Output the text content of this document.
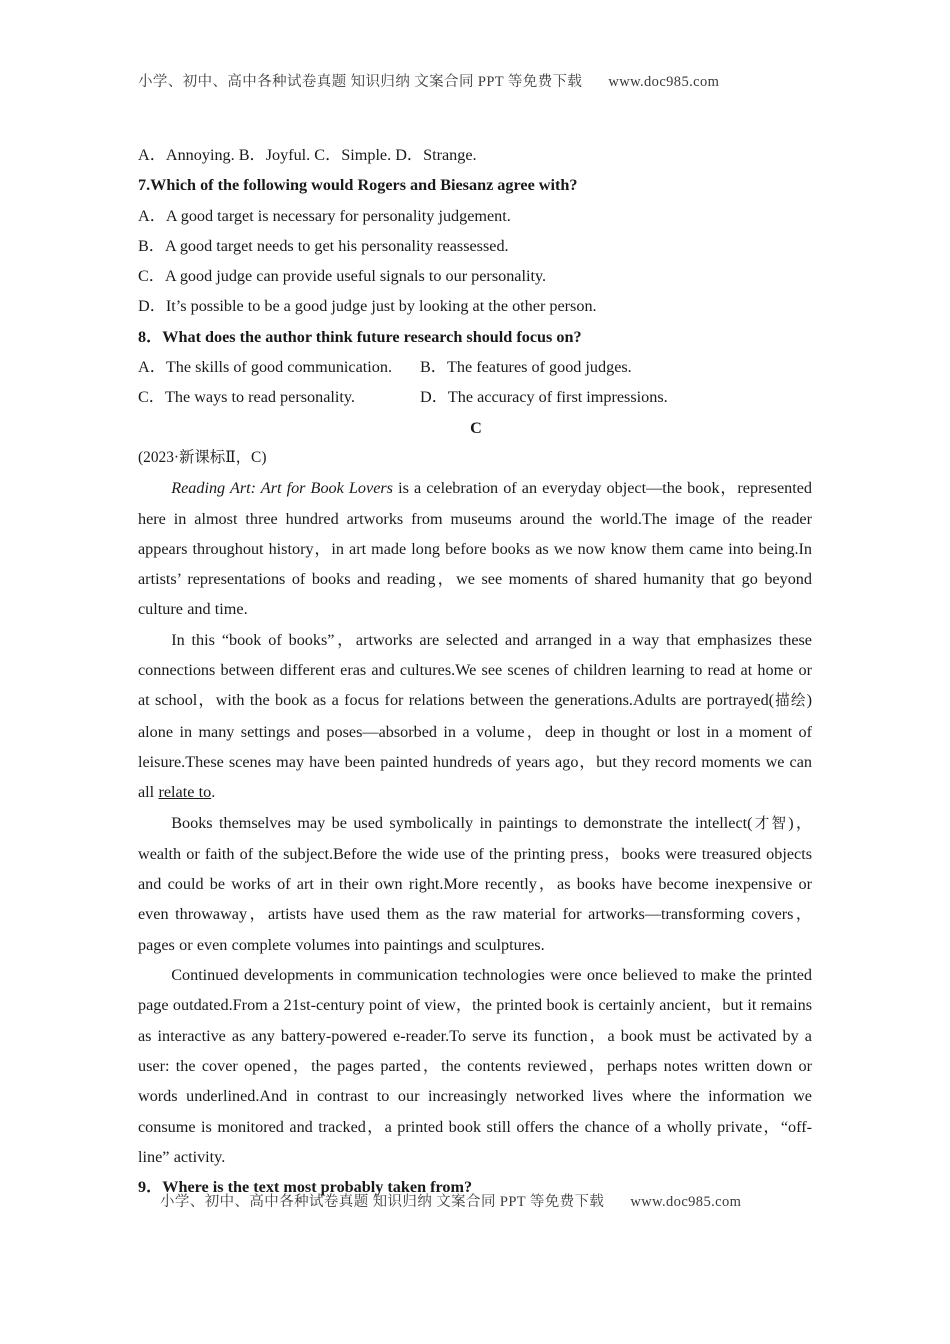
小学、初中、高中各种试卷真题 知识归纳 文案合同 PPT 等免费下载 www.doc985.com

A．Annoying. B．Joyful. C．Simple. D．Strange.

7.Which of the following would Rogers and Biesanz agree with?

A．A good target is necessary for personality judgement.

B．A good target needs to get his personality reassessed.

C．A good judge can provide useful signals to our personality.

D．It’s possible to be a good judge just by looking at the other person.

8．What does the author think future research should focus on?

A．The skills of good communication. B．The features of good judges.
C．The ways to read personality.	D．The accuracy of first impressions.

C

(2023·新课标Ⅱ，C)

Reading Art: Art for Book Lovers is a celebration of an everyday object—the book，represented here in almost three hundred artworks from museums around the world.The image of the reader appears throughout history，in art made long before books as we now know them came into being.In artists’ representations of books and reading，we see moments of shared humanity that go beyond culture and time.

In this “book of books”，artworks are selected and arranged in a way that emphasizes these connections between different eras and cultures.We see scenes of children learning to read at home or at school，with the book as a focus for relations between the generations.Adults are portrayed(描绘) alone in many settings and poses—absorbed in a volume，deep in thought or lost in a moment of leisure.These scenes may have been painted hundreds of years ago，but they record moments we can all relate to.

Books themselves may be used symbolically in paintings to demonstrate the intellect(才智)，wealth or faith of the subject.Before the wide use of the printing press，books were treasured objects and could be works of art in their own right.More recently，as books have become inexpensive or even throwaway，artists have used them as the raw material for artworks—transforming covers，pages or even complete volumes into paintings and sculptures.

Continued developments in communication technologies were once believed to make the printed page outdated.From a 21st-century point of view，the printed book is certainly ancient，but it remains as interactive as any battery-powered e-reader.To serve its function，a book must be activated by a user: the cover opened，the pages parted，the contents reviewed，perhaps notes written down or words underlined.And in contrast to our increasingly networked lives where the information we consume is monitored and tracked，a printed book still offers the chance of a wholly private，“off-line” activity.

9．Where is the text most probably taken from?

小学、初中、高中各种试卷真题 知识归纳 文案合同 PPT 等免费下载 www.doc985.com
